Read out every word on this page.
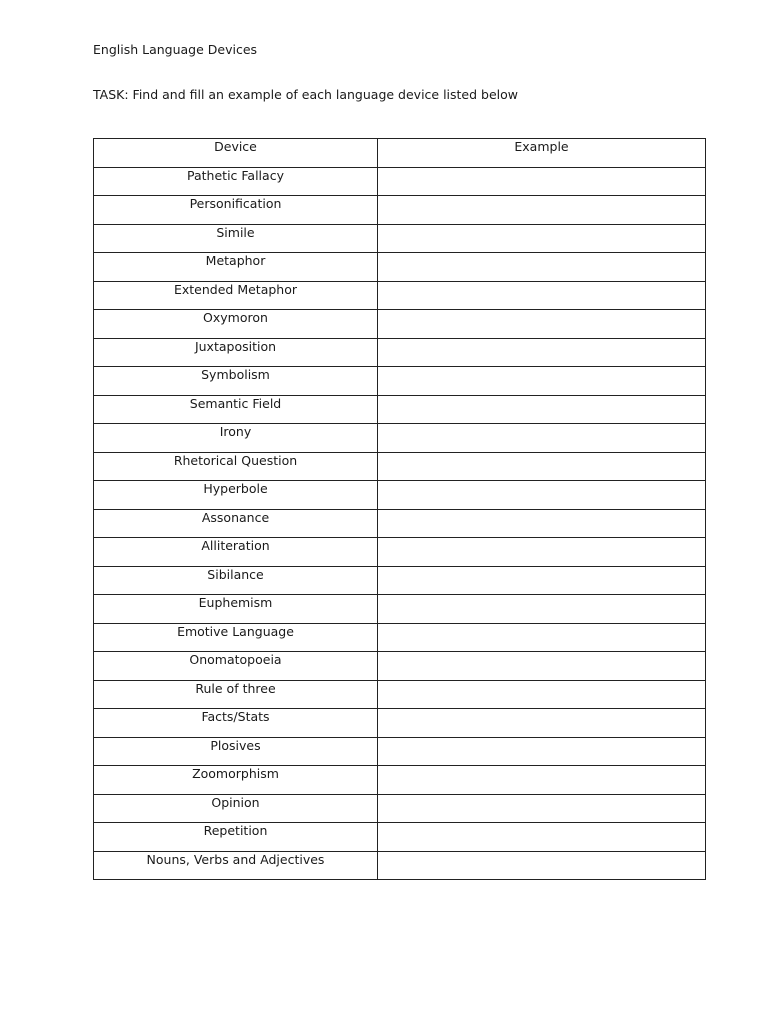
English Language Devices
TASK: Find and fill an example of each language device listed below
Device	Example
Pathetic Fallacy	
Personification	
Simile	
Metaphor	
Extended Metaphor	
Oxymoron	
Juxtaposition	
Symbolism	
Semantic Field	
Irony	
Rhetorical Question	
Hyperbole	
Assonance	
Alliteration	
Sibilance	
Euphemism	
Emotive Language	
Onomatopoeia	
Rule of three	
Facts/Stats	
Plosives	
Zoomorphism	
Opinion	
Repetition	
Nouns, Verbs and Adjectives	
